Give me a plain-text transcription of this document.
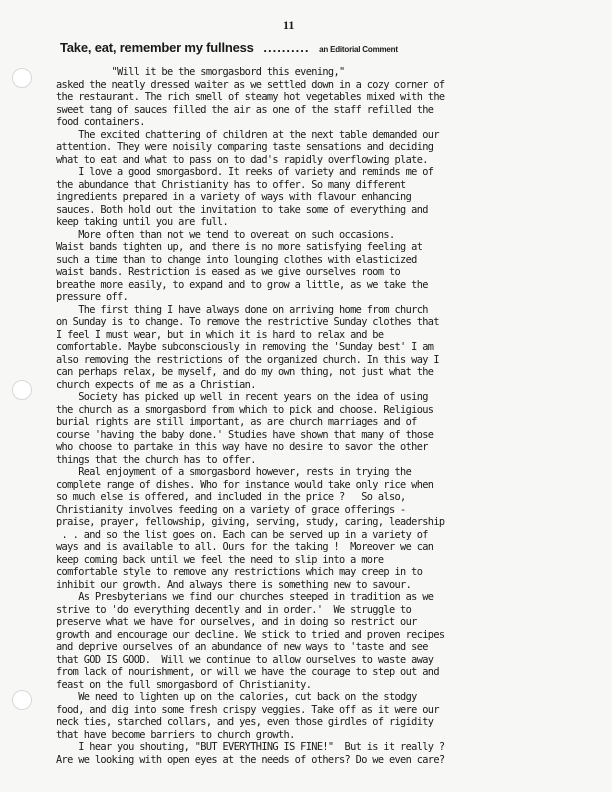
11
Take, eat, remember my fullness .......... an Editorial Comment
"Will it be the smorgasbord this evening,"
asked the neatly dressed waiter as we settled down in a cozy corner of
the restaurant. The rich smell of steamy hot vegetables mixed with the
sweet tang of sauces filled the air as one of the staff refilled the
food containers.
The excited chattering of children at the next table demanded our
attention. They were noisily comparing taste sensations and deciding
what to eat and what to pass on to dad's rapidly overflowing plate.
I love a good smorgasbord. It reeks of variety and reminds me of
the abundance that Christianity has to offer. So many different
ingredients prepared in a variety of ways with flavour enhancing
sauces. Both hold out the invitation to take some of everything and
keep taking until you are full.
More often than not we tend to overeat on such occasions.
Waist bands tighten up, and there is no more satisfying feeling at
such a time than to change into lounging clothes with elasticized
waist bands. Restriction is eased as we give ourselves room to
breathe more easily, to expand and to grow a little, as we take the
pressure off.
The first thing I have always done on arriving home from church
on Sunday is to change. To remove the restrictive Sunday clothes that
I feel I must wear, but in which it is hard to relax and be
comfortable. Maybe subconsciously in removing the 'Sunday best' I am
also removing the restrictions of the organized church. In this way I
can perhaps relax, be myself, and do my own thing, not just what the
church expects of me as a Christian.
Society has picked up well in recent years on the idea of using
the church as a smorgasbord from which to pick and choose. Religious
burial rights are still important, as are church marriages and of
course 'having the baby done.' Studies have shown that many of those
who choose to partake in this way have no desire to savor the other
things that the church has to offer.
Real enjoyment of a smorgasbord however, rests in trying the
complete range of dishes. Who for instance would take only rice when
so much else is offered, and included in the price ?   So also,
Christianity involves feeding on a variety of grace offerings -
praise, prayer, fellowship, giving, serving, study, caring, leadership
. . and so the list goes on. Each can be served up in a variety of
ways and is available to all. Ours for the taking !  Moreover we can
keep coming back until we feel the need to slip into a more
comfortable style to remove any restrictions which may creep in to
inhibit our growth. And always there is something new to savour.
As Presbyterians we find our churches steeped in tradition as we
strive to 'do everything decently and in order.'  We struggle to
preserve what we have for ourselves, and in doing so restrict our
growth and encourage our decline. We stick to tried and proven recipes
and deprive ourselves of an abundance of new ways to 'taste and see
that GOD IS GOOD.  Will we continue to allow ourselves to waste away
from lack of nourishment, or will we have the courage to step out and
feast on the full smorgasbord of Christianity.
We need to lighten up on the calories, cut back on the stodgy
food, and dig into some fresh crispy veggies. Take off as it were our
neck ties, starched collars, and yes, even those girdles of rigidity
that have become barriers to church growth.
I hear you shouting, "BUT EVERYTHING IS FINE!"  But is it really ?
Are we looking with open eyes at the needs of others? Do we even care?
